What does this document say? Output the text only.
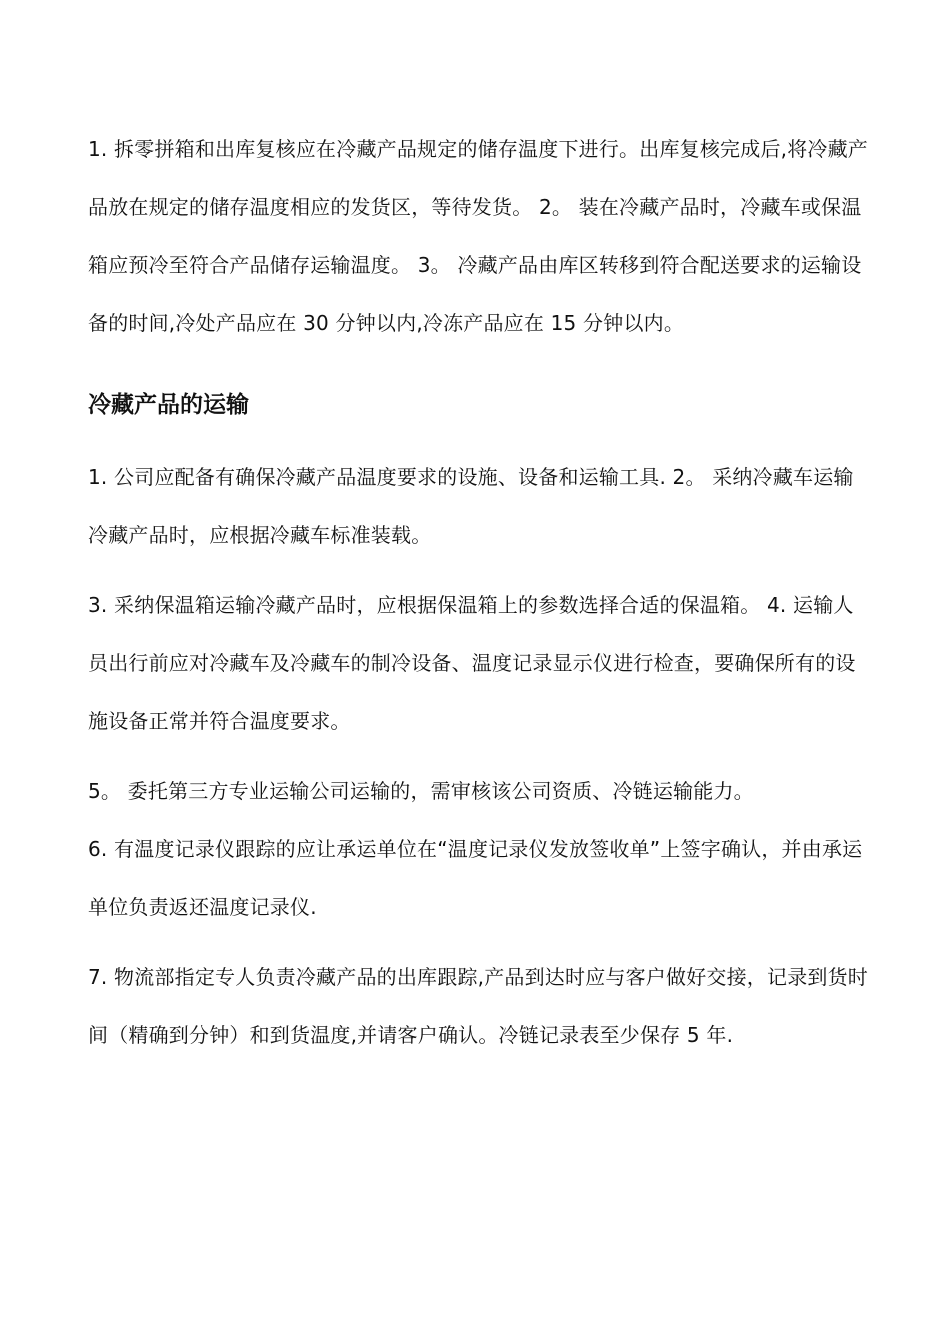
1. 拆零拼箱和出库复核应在冷藏产品规定的储存温度下进行。出库复核完成后,将冷藏产品放在规定的储存温度相应的发货区，等待发货。 2。 装在冷藏产品时，冷藏车或保温箱应预冷至符合产品储存运输温度。 3。 冷藏产品由库区转移到符合配送要求的运输设备的时间,冷处产品应在 30 分钟以内,冷冻产品应在 15 分钟以内。

冷藏产品的运输

1. 公司应配备有确保冷藏产品温度要求的设施、设备和运输工具. 2。 采纳冷藏车运输冷藏产品时，应根据冷藏车标准装载。

3. 采纳保温箱运输冷藏产品时，应根据保温箱上的参数选择合适的保温箱。 4. 运输人员出行前应对冷藏车及冷藏车的制冷设备、温度记录显示仪进行检查，要确保所有的设施设备正常并符合温度要求。

5。 委托第三方专业运输公司运输的，需审核该公司资质、冷链运输能力。

6. 有温度记录仪跟踪的应让承运单位在“温度记录仪发放签收单”上签字确认，并由承运单位负责返还温度记录仪.

7. 物流部指定专人负责冷藏产品的出库跟踪,产品到达时应与客户做好交接，记录到货时间（精确到分钟）和到货温度,并请客户确认。冷链记录表至少保存 5 年.
